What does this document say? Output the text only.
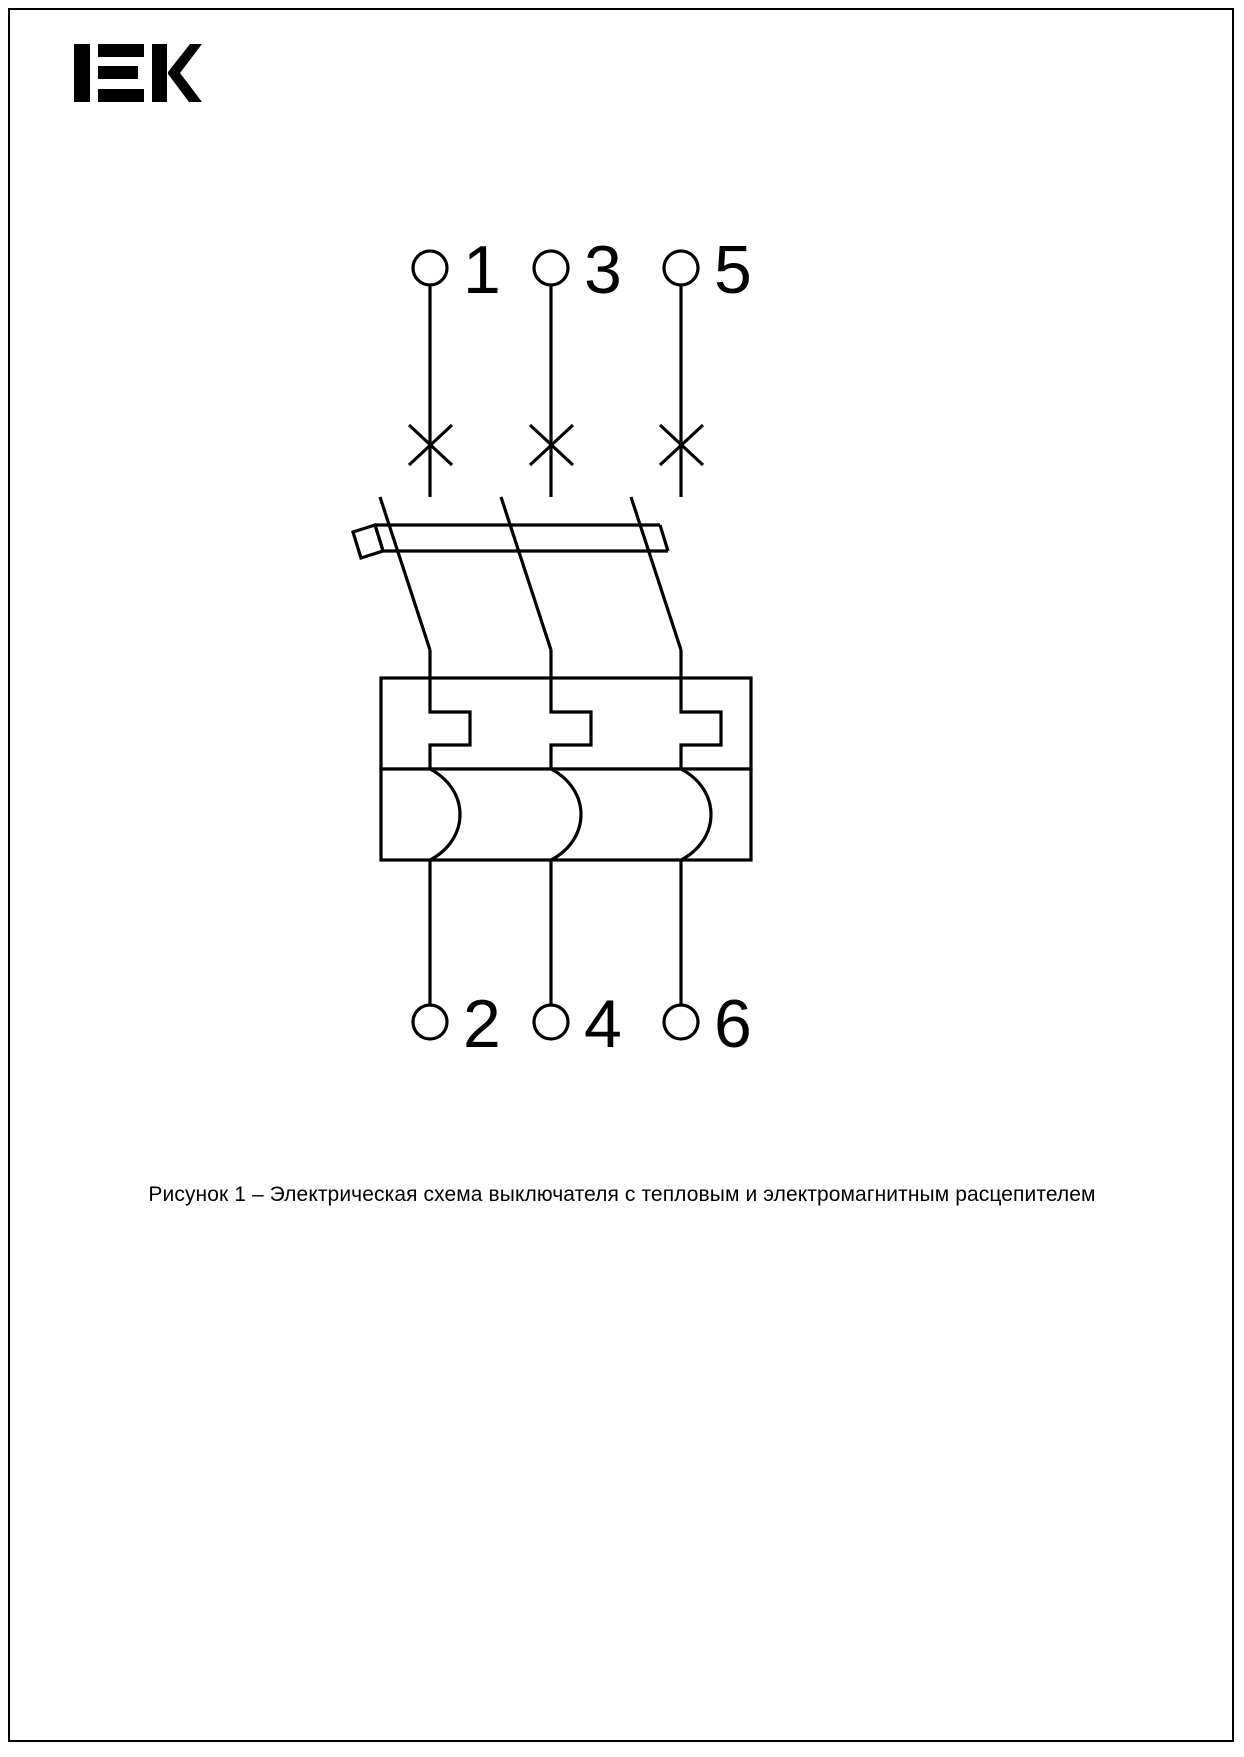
1 3 5
2 4 6
Рисунок 1 – Электрическая схема выключателя с тепловым и электромагнитным расцепителем
